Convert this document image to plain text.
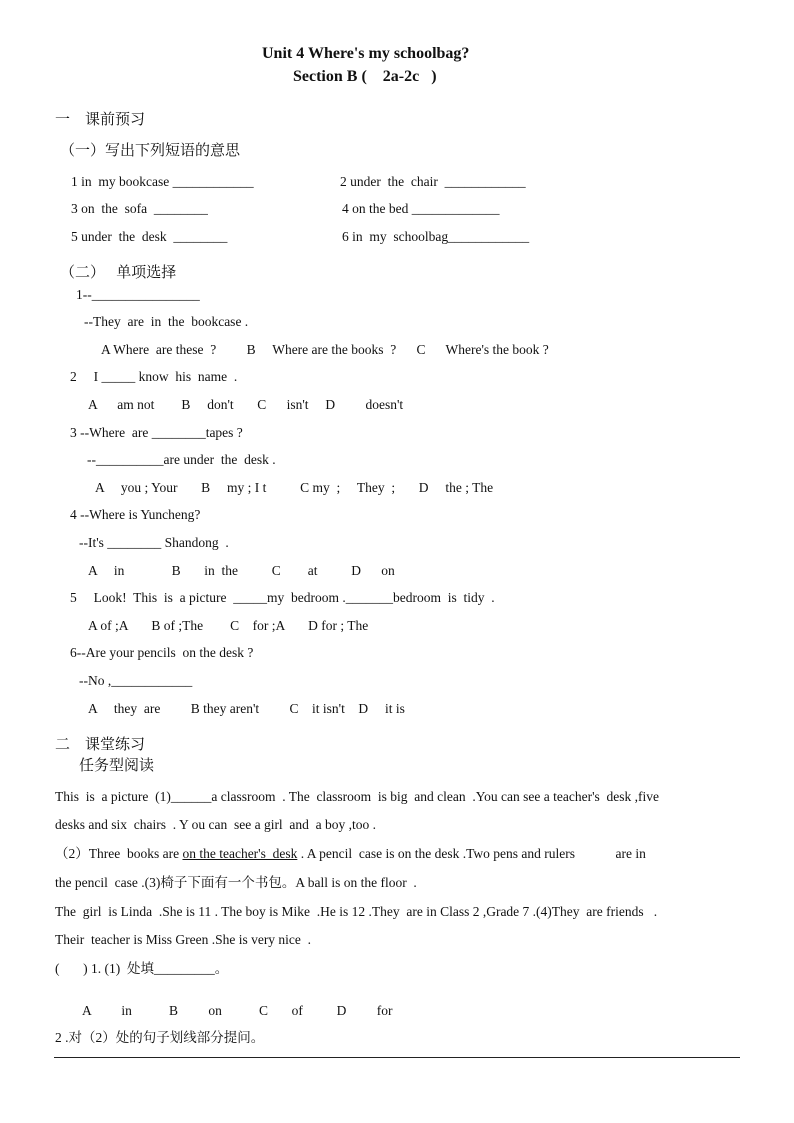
Unit 4 Where's my schoolbag?
Section B (    2a-2c   )
一    课前预习
（一）写出下列短语的意思
1 in  my bookcase ____________	2 under  the  chair  ____________
3 on  the  sofa  ________	4 on the bed _____________
5 under  the  desk  ________	6 in  my  schoolbag____________
（二）   单项选择
1--________________
--They  are  in  the  bookcase .
A Where  are these  ?         B     Where are the books  ?      C      Where's the book ?
2     I _____ know  his  name  .
A      am not        B     don't       C      isn't     D         doesn't
3 --Where  are ________tapes ?
--__________are under  the  desk .
A     you ; Your       B     my ; I t          C my  ;     They  ;       D     the ; The
4 --Where is Yuncheng?
--It's ________ Shandong  .
A     in              B       in  the          C        at          D      on
5     Look!  This  is  a picture  _____my  bedroom ._______bedroom  is  tidy  .
A of ;A       B of ;The        C    for ;A       D for ; The
6--Are your pencils  on the desk ?
--No ,____________
A     they  are         B they aren't         C    it isn't    D     it is
二    课堂练习
任务型阅读
This  is  a picture  (1)______a classroom  . The  classroom  is big  and clean  .You can see a teacher's  desk ,five
desks and six  chairs  . Y ou can  see a girl  and  a boy ,too .
（2）Three  books are on the teacher's  desk . A pencil  case is on the desk .Two pens and rulers            are in
the pencil  case .(3)椅子下面有一个书包。A ball is on the floor  .
The  girl  is Linda  .She is 11 . The boy is Mike  .He is 12 .They  are in Class 2 ,Grade 7 .(4)They  are friends   .
Their  teacher is Miss Green .She is very nice  .
(       ) 1. (1)  处填_________。
A         in           B         on           C       of          D         for
2 .对（2）处的句子划线部分提问。
